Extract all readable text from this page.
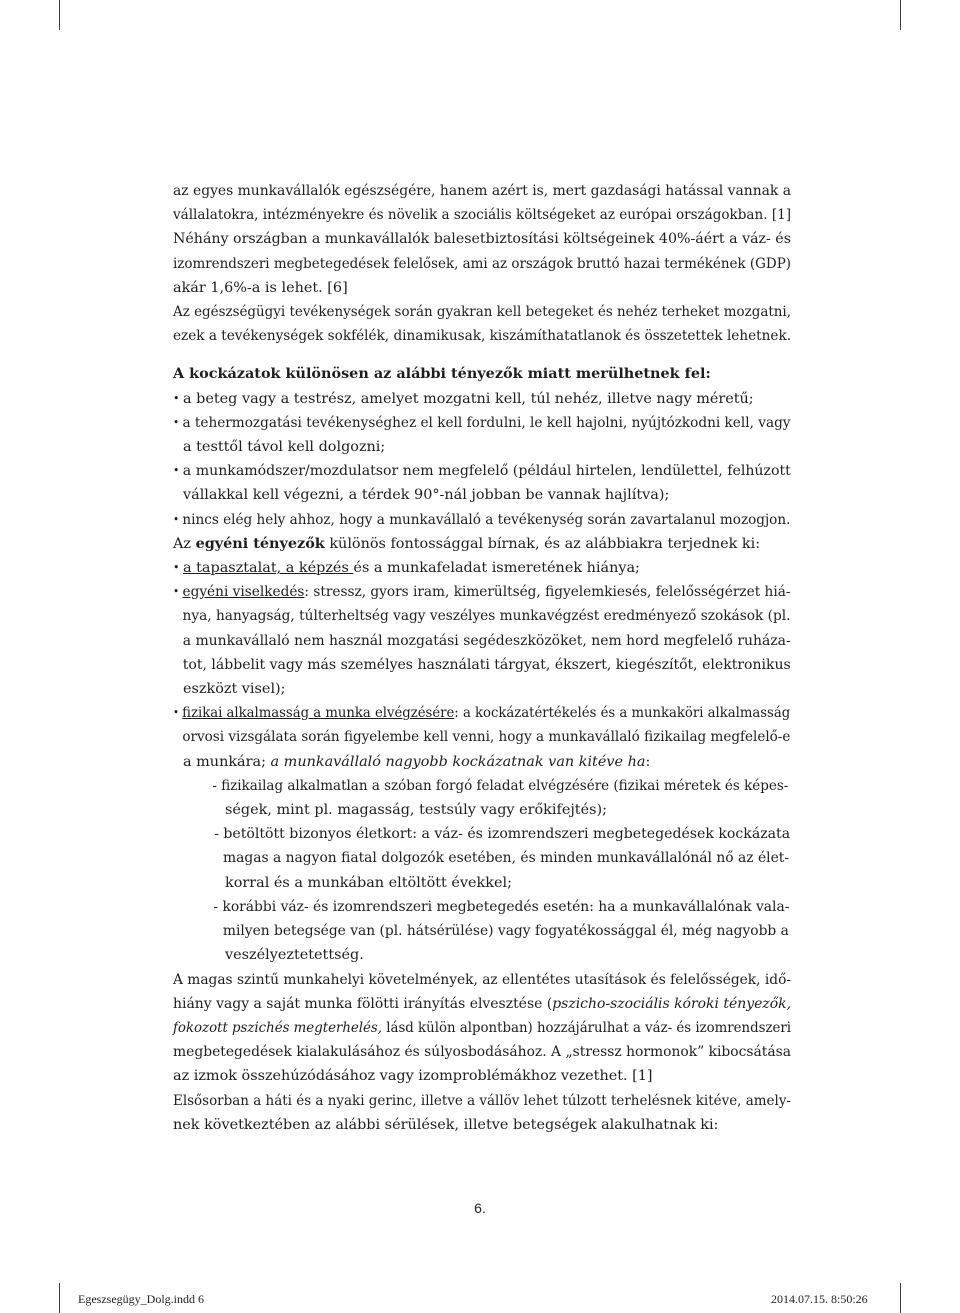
az egyes munkavállalók egészségére, hanem azért is, mert gazdasági hatással vannak a
vállalatokra, intézményekre és növelik a szociális költségeket az európai országokban. [1]
Néhány országban a munkavállalók balesetbiztosítási költségeinek 40%-áért a váz- és
izomrendszeri megbetegedések felelősek, ami az országok bruttó hazai termékének (GDP)
akár 1,6%-a is lehet. [6]
Az egészségügyi tevékenységek során gyakran kell betegeket és nehéz terheket mozgatni,
ezek a tevékenységek sokfélék, dinamikusak, kiszámíthatatlanok és összetettek lehetnek.
A kockázatok különösen az alábbi tényezők miatt merülhetnek fel:
• a beteg vagy a testrész, amelyet mozgatni kell, túl nehéz, illetve nagy méretű;
• a tehermozgatási tevékenységhez el kell fordulni, le kell hajolni, nyújtózkodni kell, vagy
a testtől távol kell dolgozni;
• a munkamódszer/mozdulatsor nem megfelelő (például hirtelen, lendülettel, felhúzott
vállakkal kell végezni, a térdek 90°-nál jobban be vannak hajlítva);
• nincs elég hely ahhoz, hogy a munkavállaló a tevékenység során zavartalanul mozogjon.
Az egyéni tényezők különös fontossággal bírnak, és az alábbiakra terjednek ki:
• a tapasztalat, a képzés és a munkafeladat ismeretének hiánya;
• egyéni viselkedés: stressz, gyors iram, kimerültség, figyelemkiesés, felelősségérzet hiá-
nya, hanyagság, túlterheltség vagy veszélyes munkavégzést eredményező szokások (pl.
a munkavállaló nem használ mozgatási segédeszközöket, nem hord megfelelő ruháza-
tot, lábbelit vagy más személyes használati tárgyat, ékszert, kiegészítőt, elektronikus
eszközt visel);
• fizikai alkalmasság a munka elvégzésére: a kockázatértékelés és a munkaköri alkalmasság
orvosi vizsgálata során figyelembe kell venni, hogy a munkavállaló fizikailag megfelelő-e
a munkára; a munkavállaló nagyobb kockázatnak van kitéve ha:
- fizikailag alkalmatlan a szóban forgó feladat elvégzésére (fizikai méretek és képes-
ségek, mint pl. magasság, testsúly vagy erőkifejtés);
- betöltött bizonyos életkort: a váz- és izomrendszeri megbetegedések kockázata
magas a nagyon fiatal dolgozók esetében, és minden munkavállalónál nő az élet-
korral és a munkában eltöltött évekkel;
- korábbi váz- és izomrendszeri megbetegedés esetén: ha a munkavállalónak vala-
milyen betegsége van (pl. hátsérülése) vagy fogyatékossággal él, még nagyobb a
veszélyeztetettség.
A magas szintű munkahelyi követelmények, az ellentétes utasítások és felelősségek, idő-
hiány vagy a saját munka fölötti irányítás elvesztése (pszicho-szociális kóroki tényezők,
fokozott pszichés megterhelés, lásd külön alpontban) hozzájárulhat a váz- és izomrendszeri
megbetegedések kialakulásához és súlyosbodásához. A „stressz hormonok” kibocsátása
az izmok összehúzódásához vagy izomproblémákhoz vezethet. [1]
Elsősorban a háti és a nyaki gerinc, illetve a vállöv lehet túlzott terhelésnek kitéve, amely-
nek következtében az alábbi sérülések, illetve betegségek alakulhatnak ki:
6.
Egeszsegügy_Dolg.indd 6	2014.07.15. 8:50:26
